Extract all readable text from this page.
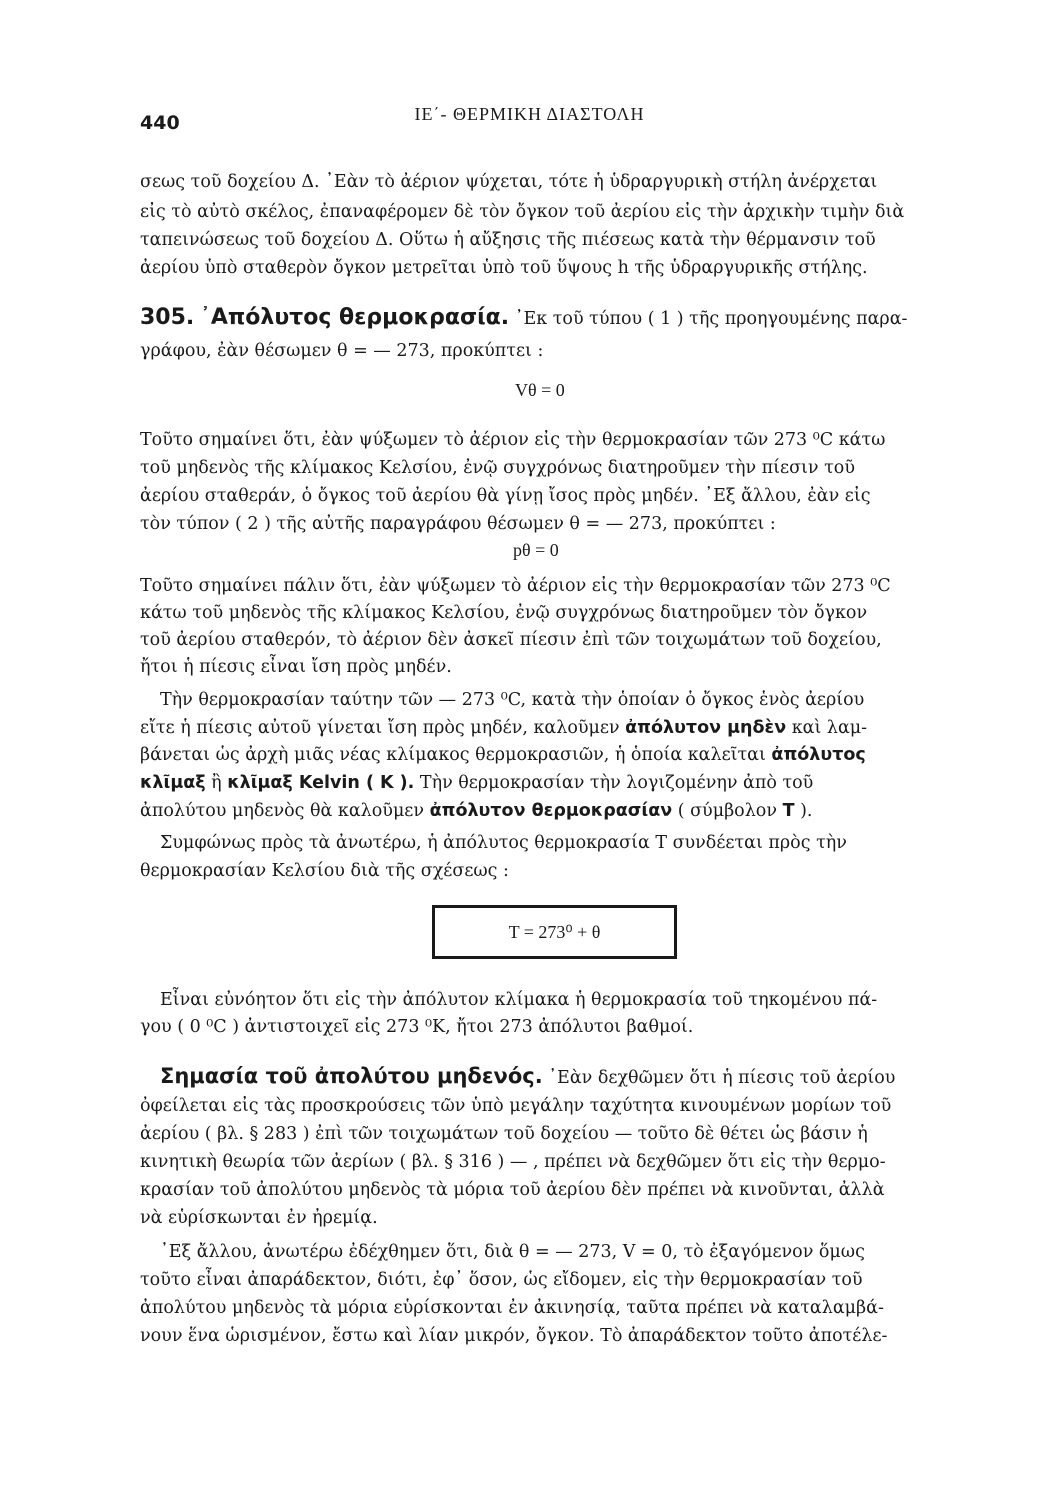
440	ΙΕ΄- ΘΕΡΜΙΚΗ ΔΙΑΣΤΟΛΗ
σεως τοῦ δοχείου Δ. ᾿Εὰν τὸ ἀέριον ψύχεται, τότε ἡ ὑδραργυρικὴ στήλη ἀνέρχεται
εἰς τὸ αὐτὸ σκέλος, ἐπαναφέρομεν δὲ τὸν ὄγκον τοῦ ἀερίου εἰς τὴν ἀρχικὴν τιμὴν διὰ
ταπεινώσεως τοῦ δοχείου Δ. Οὕτω ἡ αὔξησις τῆς πιέσεως κατὰ τὴν θέρμανσιν τοῦ
ἀερίου ὑπὸ σταθερὸν ὄγκον μετρεῖται ὑπὸ τοῦ ὕψους h τῆς ὑδραργυρικῆς στήλης.
305. ᾿Απόλυτος θερμοκρασία. ᾿Εκ τοῦ τύπου ( 1 ) τῆς προηγουμένης παρα-
γράφου, ἐὰν θέσωμεν θ = — 273, προκύπτει :
Vθ = 0
Τοῦτο σημαίνει ὅτι, ἐὰν ψύξωμεν τὸ ἀέριον εἰς τὴν θερμοκρασίαν τῶν 273 ⁰C κάτω
τοῦ μηδενὸς τῆς κλίμακος Κελσίου, ἐνῷ συγχρόνως διατηροῦμεν τὴν πίεσιν τοῦ
ἀερίου σταθεράν, ὁ ὄγκος τοῦ ἀερίου θὰ γίνῃ ἴσος πρὸς μηδέν. ᾿Εξ ἄλλου, ἐὰν εἰς
τὸν τύπον ( 2 ) τῆς αὐτῆς παραγράφου θέσωμεν θ = — 273, προκύπτει :
pθ = 0
Τοῦτο σημαίνει πάλιν ὅτι, ἐὰν ψύξωμεν τὸ ἀέριον εἰς τὴν θερμοκρασίαν τῶν 273 ⁰C
κάτω τοῦ μηδενὸς τῆς κλίμακος Κελσίου, ἐνῷ συγχρόνως διατηροῦμεν τὸν ὄγκον
τοῦ ἀερίου σταθερόν, τὸ ἀέριον δὲν ἀσκεῖ πίεσιν ἐπὶ τῶν τοιχωμάτων τοῦ δοχείου,
ἤτοι ἡ πίεσις εἶναι ἴση πρὸς μηδέν.
Τὴν θερμοκρασίαν ταύτην τῶν — 273 ⁰C, κατὰ τὴν ὁποίαν ὁ ὄγκος ἑνὸς ἀερίου
εἴτε ἡ πίεσις αὐτοῦ γίνεται ἴση πρὸς μηδέν, καλοῦμεν ἀπόλυτον μηδὲν καὶ λαμ-
βάνεται ὡς ἀρχὴ μιᾶς νέας κλίμακος θερμοκρασιῶν, ἡ ὁποία καλεῖται ἀπόλυτος
κλῖμαξ ἢ κλῖμαξ Kelvin ( K ). Τὴν θερμοκρασίαν τὴν λογιζομένην ἀπὸ τοῦ
ἀπολύτου μηδενὸς θὰ καλοῦμεν ἀπόλυτον θερμοκρασίαν ( σύμβολον T ).
Συμφώνως πρὸς τὰ ἀνωτέρω, ἡ ἀπόλυτος θερμοκρασία T συνδέεται πρὸς τὴν
θερμοκρασίαν Κελσίου διὰ τῆς σχέσεως :
T = 273⁰ + θ
Εἶναι εὐνόητον ὅτι εἰς τὴν ἀπόλυτον κλίμακα ἡ θερμοκρασία τοῦ τηκομένου πά-
γου ( 0 ⁰C ) ἀντιστοιχεῖ εἰς 273 ⁰K, ἤτοι 273 ἀπόλυτοι βαθμοί.
Σημασία τοῦ ἀπολύτου μηδενός. ᾿Εὰν δεχθῶμεν ὅτι ἡ πίεσις τοῦ ἀερίου
ὀφείλεται εἰς τὰς προσκρούσεις τῶν ὑπὸ μεγάλην ταχύτητα κινουμένων μορίων τοῦ
ἀερίου ( βλ. § 283 ) ἐπὶ τῶν τοιχωμάτων τοῦ δοχείου — τοῦτο δὲ θέτει ὡς βάσιν ἡ
κινητικὴ θεωρία τῶν ἀερίων ( βλ. § 316 ) — , πρέπει νὰ δεχθῶμεν ὅτι εἰς τὴν θερμο-
κρασίαν τοῦ ἀπολύτου μηδενὸς τὰ μόρια τοῦ ἀερίου δὲν πρέπει νὰ κινοῦνται, ἀλλὰ
νὰ εὑρίσκωνται ἐν ἠρεμίᾳ.
᾿Εξ ἄλλου, ἀνωτέρω ἐδέχθημεν ὅτι, διὰ θ = — 273, V = 0, τὸ ἐξαγόμενον ὅμως
τοῦτο εἶναι ἀπαράδεκτον, διότι, ἐφ᾿ ὅσον, ὡς εἴδομεν, εἰς τὴν θερμοκρασίαν τοῦ
ἀπολύτου μηδενὸς τὰ μόρια εὑρίσκονται ἐν ἀκινησίᾳ, ταῦτα πρέπει νὰ καταλαμβά-
νουν ἕνα ὡρισμένον, ἔστω καὶ λίαν μικρόν, ὄγκον. Τὸ ἀπαράδεκτον τοῦτο ἀποτέλε-
